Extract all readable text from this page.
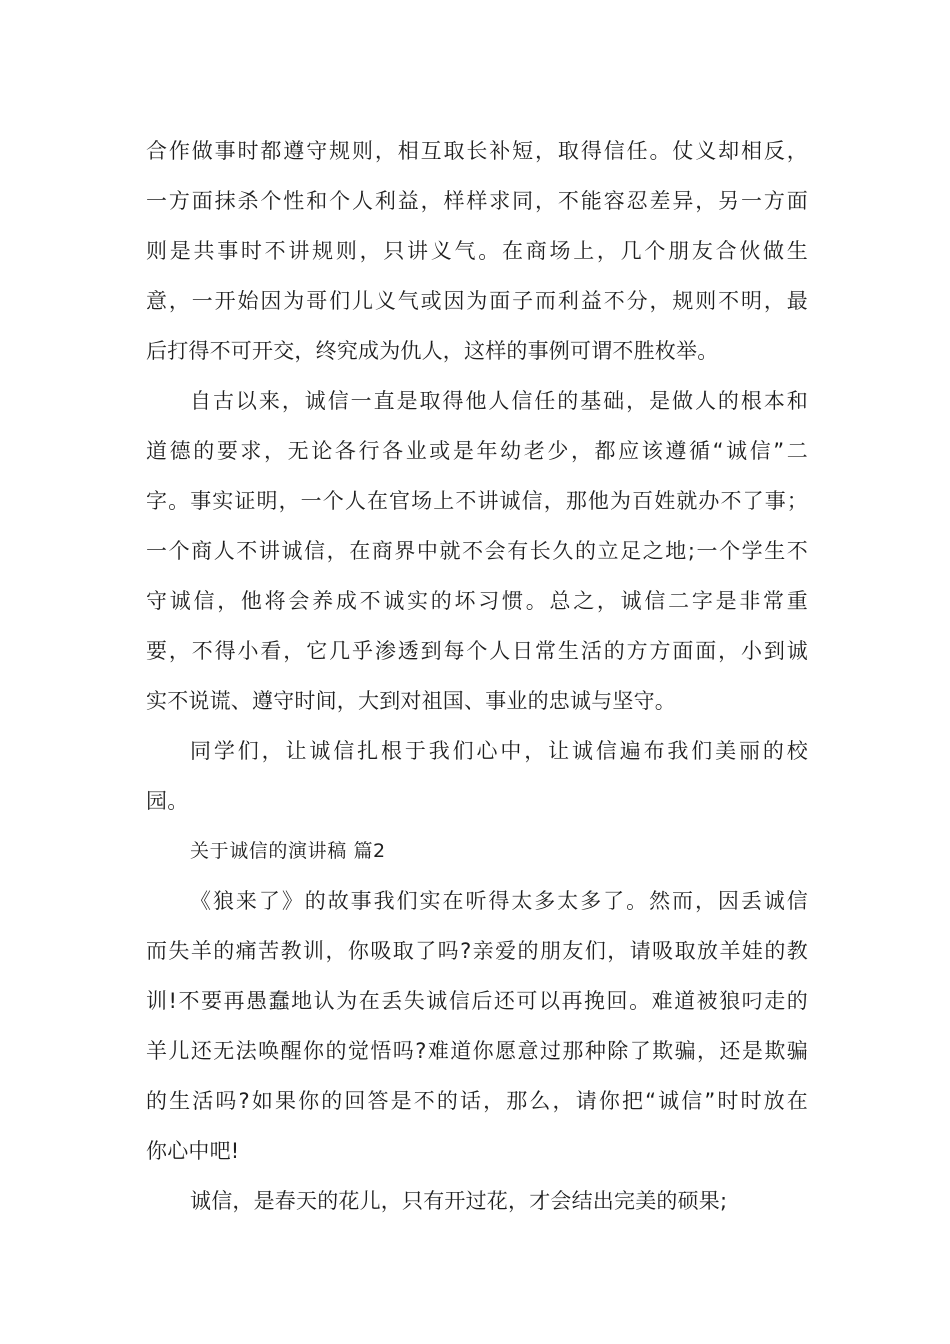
合作做事时都遵守规则，相互取长补短，取得信任。仗义却相反，
一方面抹杀个性和个人利益，样样求同，不能容忍差异，另一方面
则是共事时不讲规则，只讲义气。在商场上，几个朋友合伙做生
意，一开始因为哥们儿义气或因为面子而利益不分，规则不明，最
后打得不可开交，终究成为仇人，这样的事例可谓不胜枚举。
自古以来，诚信一直是取得他人信任的基础，是做人的根本和
道德的要求，无论各行各业或是年幼老少，都应该遵循“诚信”二
字。事实证明，一个人在官场上不讲诚信，那他为百姓就办不了事；
一个商人不讲诚信，在商界中就不会有长久的立足之地;一个学生不
守诚信，他将会养成不诚实的坏习惯。总之，诚信二字是非常重
要，不得小看，它几乎渗透到每个人日常生活的方方面面，小到诚
实不说谎、遵守时间，大到对祖国、事业的忠诚与坚守。
同学们，让诚信扎根于我们心中，让诚信遍布我们美丽的校
园。
关于诚信的演讲稿 篇2
《狼来了》的故事我们实在听得太多太多了。然而，因丢诚信
而失羊的痛苦教训，你吸取了吗?亲爱的朋友们，请吸取放羊娃的教
训!不要再愚蠢地认为在丢失诚信后还可以再挽回。难道被狼叼走的
羊儿还无法唤醒你的觉悟吗?难道你愿意过那种除了欺骗，还是欺骗
的生活吗?如果你的回答是不的话，那么，请你把“诚信”时时放在
你心中吧!
诚信，是春天的花儿，只有开过花，才会结出完美的硕果;
